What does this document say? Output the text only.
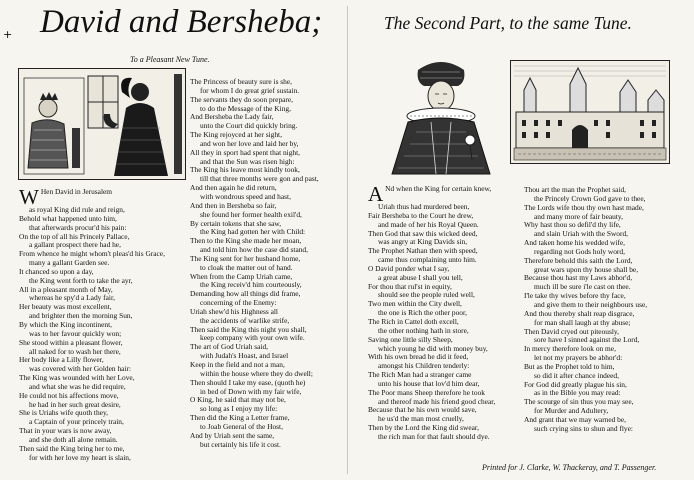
+ David and Bersheba;	The Second Part, to the same Tune.
To a Pleasant New Tune.
W Hen David in Jerusalem
as royal King did rule and reign,
Behold what happened unto him,
that afterwards procur'd his pain:
On the top of all his Princely Pallace,
a gallant prospect there had he,
From whence he might whom't pleas'd his Grace,
many a gallant Garden see.
It chanced so upon a day,
the King went forth to take the ayr,
All in a pleasant month of May,
whereas he spy'd a Lady fair,
Her beauty was most excellent,
and brighter then the morning Sun,
By which the King incontinent,
was to her favour quickly won;
She stood within a pleasant flower,
all naked for to wash her there,
Her body like a Lilly flower,
was covered with her Golden hair:
The King was wounded with her Love,
and what she was he did require,
He could not his affections move,
he had in her such great desire,
She is Uriahs wife quoth they,
a Captain of your princely train,
That in your wars is now away,
and she doth all alone remain.
Then said the King bring her to me,
for with her love my heart is slain,
The Princess of beauty sure is she,
for whom I do great grief sustain.
The servants they do soon prepare,
to do the Message of the King,
And Bersheba the Lady fair,
unto the Court did quickly bring.
The King rejoyced at her sight,
and won her love and laid her by,
All they in sport had spent that night,
and that the Sun was risen high:
The King his leave most kindly took,
till that three months were gon and past,
And then again he did return,
with wondrous speed and hast,
And then in Bersheba so fair,
she found her former health exil'd,
By certain tokens that she saw,
the King had gotten her with Child:
Then to the King she made her moan,
and told him how the case did stand,
The King sent for her husband home,
to cloak the matter out of hand.
When from the Camp Uriah came,
the King receiv'd him courteously,
Demanding how all things did frame,
concerning of the Enemy:
Uriah shew'd his Highness all
the accidents of warlike strife,
Then said the King this night you shall,
keep company with your own wife.
The art of God Uriah said,
with Judah's Hoast, and Israel
Keep in the field and not a man,
within the house where they do dwell;
Then should I take my ease, (quoth he)
in bed of Down with my fair wife,
O King, he said that may not be,
so long as I enjoy my life:
Then did the King a Letter frame,
to Joab General of the Host,
And by Uriah sent the same,
but certainly his life it cost.
A Nd when the King for certain knew,
Uriah thus had murdered been,
Fair Bersheba to the Court he drew,
and made of her his Royal Queen.
Then God that saw this wicked deed,
was angry at King Davids sin,
The Prophet Nathan then with speed,
came thus complaining unto him.
O David ponder what I say,
a great abuse I shall you tell,
For thou that rul'st in equity,
should see the people ruled well,
Two men within the City dwell,
the one is Rich the other poor,
The Rich in Cattel doth excell,
the other nothing hath in store,
Saving one little silly Sheep,
which young he did with money buy,
With his own bread he did it feed,
amongst his Children tenderly:
The Rich Man had a stranger came
unto his house that lov'd him dear,
The Poor mans Sheep therefore he took
and thereof made his friend good chear,
Because that he his own would save,
he us'd the man most cruelly,
Then by the Lord the King did swear,
the rich man for that fault should dye.
Thou art the man the Prophet said,
the Princely Crown God gave to thee,
The Lords wife thou thy own hast made,
and many more of fair beauty,
Why hast thou so defil'd thy life,
and slain Uriah with the Sword,
And taken home his wedded wife,
regarding not Gods holy word,
Therefore behold this saith the Lord,
great wars upon thy house shall be,
Because thou hast my Laws abhor'd,
much ill be sure i'le cast on thee.
I'le take thy wives before thy face,
and give them to their neighbours use,
And thou thereby shalt reap disgrace,
for man shall laugh at thy abuse;
Then David cryed out piteously,
sore have I sinned against the Lord,
In mercy therefore look on me,
let not my prayers be abhor'd:
But as the Prophet told to him,
so did it after chance indeed,
For God did greatly plague his sin,
as in the Bible you may read:
The scourge of sin thus you may see,
for Murder and Adultery,
And grant that we may warned be,
such crying sins to shun and flye:
Printed for J. Clarke, W. Thackeray, and T. Passenger.
